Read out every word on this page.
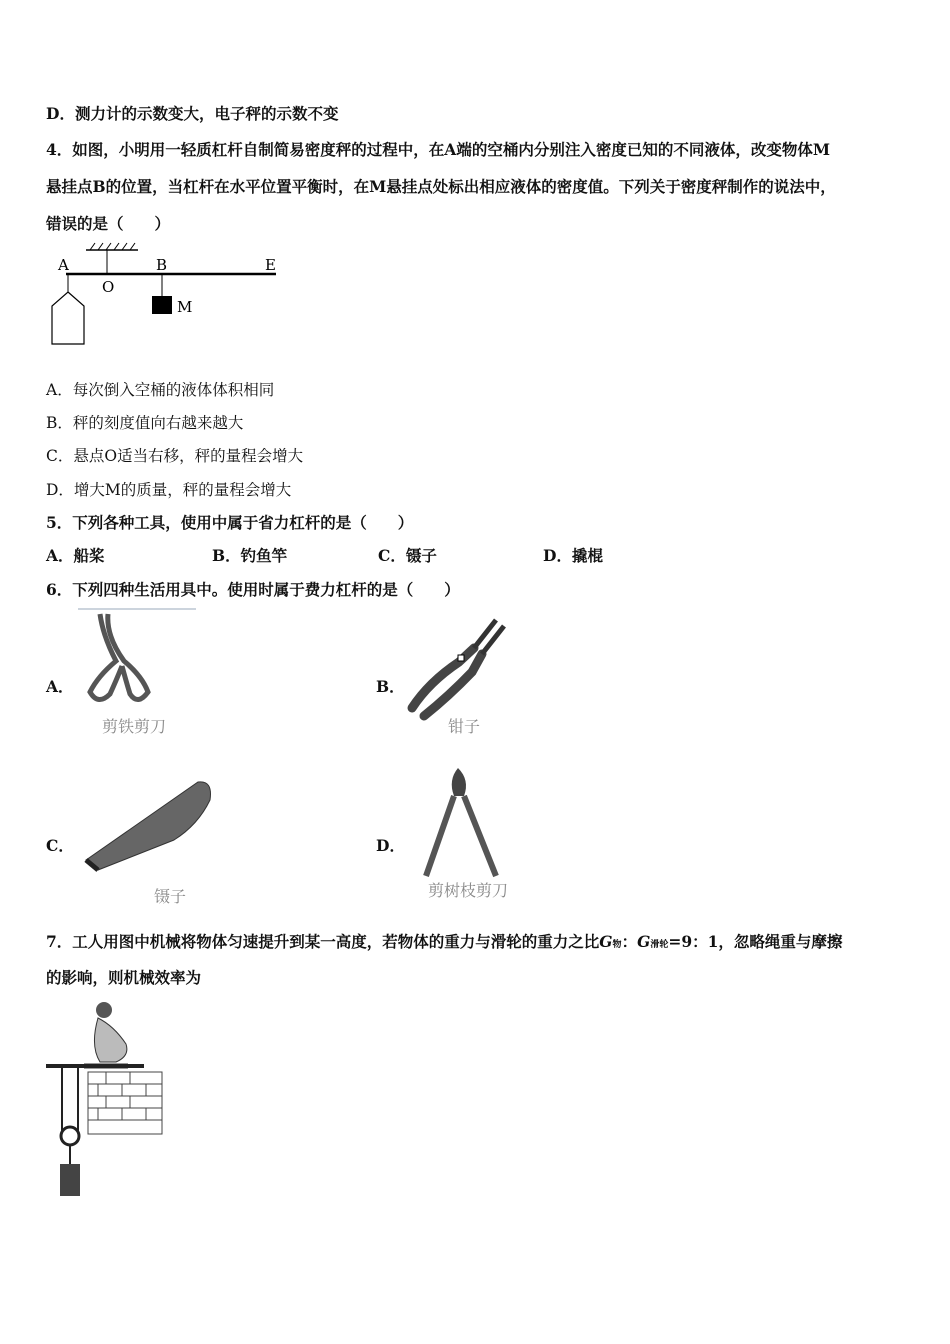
D．测力计的示数变大，电子秤的示数不变
4．如图，小明用一轻质杠杆自制简易密度秤的过程中，在A端的空桶内分别注入密度已知的不同液体，改变物体M
悬挂点B的位置，当杠杆在水平位置平衡时，在M悬挂点处标出相应液体的密度值。下列关于密度秤制作的说法中，
错误的是（　　）
A
O
B	E
M
A．每次倒入空桶的液体体积相同
B．秤的刻度值向右越来越大
C．悬点O适当右移，秤的量程会增大
D．增大M的质量，秤的量程会增大
5．下列各种工具，使用中属于省力杠杆的是（　　）
A．船桨	B．钓鱼竿	C．镊子	D．撬棍
6．下列四种生活用具中。使用时属于费力杠杆的是（　　）
A．
剪铁剪刀
B．
钳子
C．
镊子
D．
剪树枝剪刀
7．工人用图中机械将物体匀速提升到某一高度，若物体的重力与滑轮的重力之比G物：G滑轮=9：1，忽略绳重与摩擦
的影响，则机械效率为
